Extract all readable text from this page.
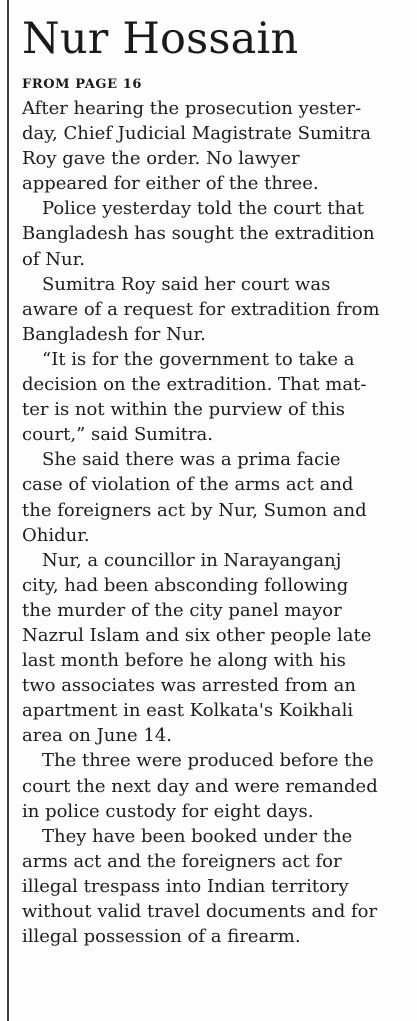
Nur Hossain
FROM PAGE 16

After hearing the prosecution yester-
day, Chief Judicial Magistrate Sumitra
Roy gave the order. No lawyer
appeared for either of the three.

Police yesterday told the court that
Bangladesh has sought the extradition
of Nur.

Sumitra Roy said her court was
aware of a request for extradition from
Bangladesh for Nur.

“It is for the government to take a
decision on the extradition. That mat-
ter is not within the purview of this
court,” said Sumitra.

She said there was a prima facie
case of violation of the arms act and
the foreigners act by Nur, Sumon and
Ohidur.

Nur, a councillor in Narayanganj
city, had been absconding following
the murder of the city panel mayor
Nazrul Islam and six other people late
last month before he along with his
two associates was arrested from an
apartment in east Kolkata's Koikhali
area on June 14.

The three were produced before the
court the next day and were remanded
in police custody for eight days.

They have been booked under the
arms act and the foreigners act for
illegal trespass into Indian territory
without valid travel documents and for
illegal possession of a firearm.
